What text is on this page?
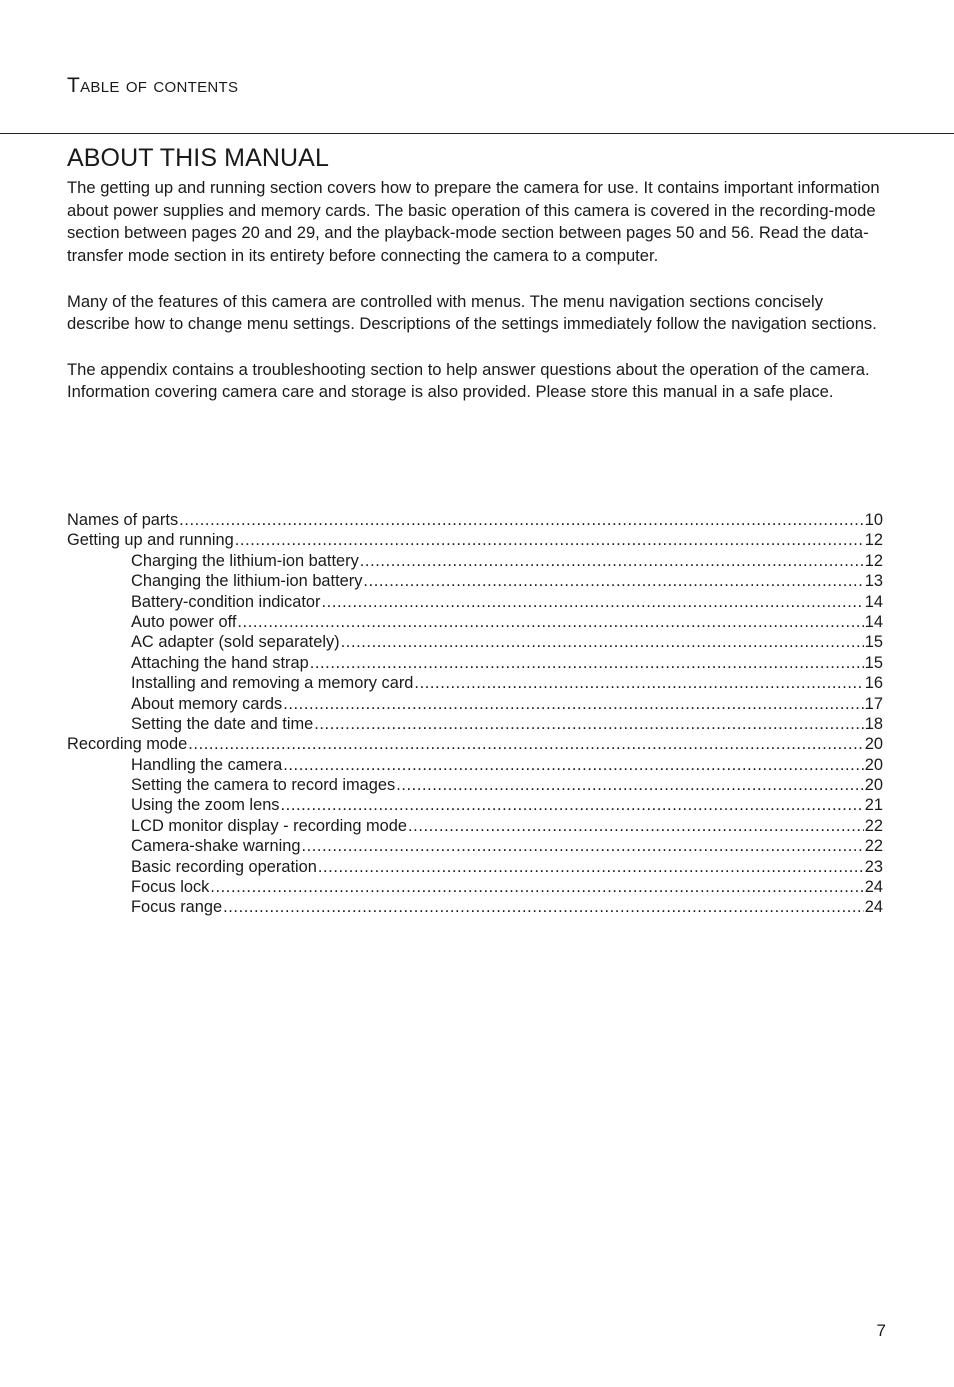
Table of contents
ABOUT THIS MANUAL

The getting up and running section covers how to prepare the camera for use. It contains important information about power supplies and memory cards. The basic operation of this camera is covered in the recording-mode section between pages 20 and 29, and the playback-mode section between pages 50 and 56. Read the data-transfer mode section in its entirety before connecting the camera to a computer.

Many of the features of this camera are controlled with menus. The menu navigation sections concisely describe how to change menu settings. Descriptions of the settings immediately follow the navigation sections.

The appendix contains a troubleshooting section to help answer questions about the operation of the camera. Information covering camera care and storage is also provided. Please store this manual in a safe place.

Names of parts .....	10
Getting up and running .....	12
Charging the lithium-ion battery .....	12
Changing the lithium-ion battery .....	13
Battery-condition indicator .....	14
Auto power off .....	14
AC adapter (sold separately) .....	15
Attaching the hand strap .....	15
Installing and removing a memory card .....	16
About memory cards .....	17
Setting the date and time .....	18
Recording mode .....	20
Handling the camera .....	20
Setting the camera to record images .....	20
Using the zoom lens .....	21
LCD monitor display - recording mode .....	22
Camera-shake warning .....	22
Basic recording operation .....	23
Focus lock .....	24
Focus range .....	24
7
